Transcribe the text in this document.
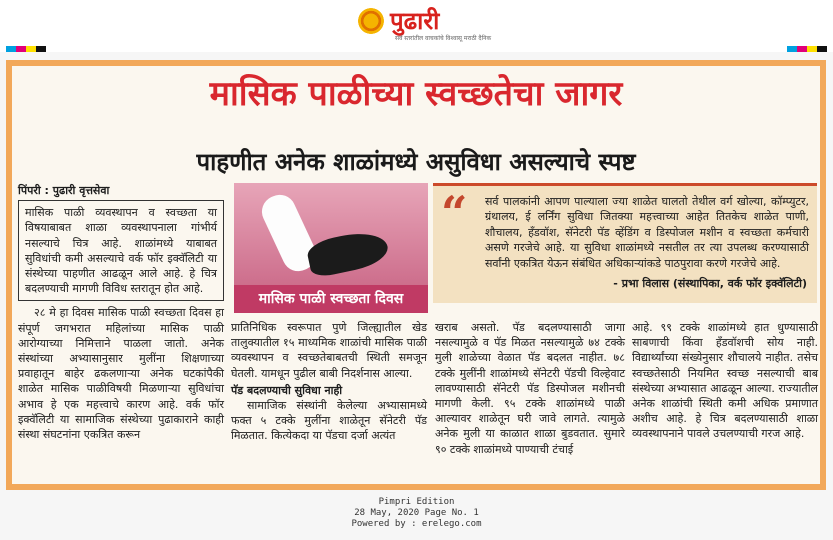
पुढारी
सर्व स्तरांतील वाचकांचे विश्वासू मराठी दैनिक
मासिक पाळीच्या स्वच्छतेचा जागर
पाहणीत अनेक शाळांमध्ये असुविधा असल्याचे स्पष्ट
पिंपरी : पुढारी वृत्तसेवा
मासिक पाळी व्यवस्थापन व स्वच्छता या विषयाबाबत शाळा व्यवस्थापनाला गांभीर्य नसल्याचे चित्र आहे. शाळांमध्ये याबाबत सुविधांची कमी असल्याचे वर्क फॉर इक्वॅलिटी या संस्थेच्या पाहणीत आढळून आले आहे. हे चित्र बदलण्याची मागणी विविध स्तरातून होत आहे.
२८ मे हा दिवस मासिक पाळी स्वच्छता दिवस हा संपूर्ण जगभरात महिलांच्या मासिक पाळी आरोग्याच्या निमित्ताने पाळला जातो. अनेक संस्थांच्या अभ्यासानुसार मुलींना शिक्षणाच्या प्रवाहातून बाहेर ढकलणाऱ्या अनेक घटकांपैकी शाळेत मासिक पाळीविषयी मिळणाऱ्या सुविधांचा अभाव हे एक महत्त्वाचे कारण आहे. वर्क फॉर इक्वॅलिटी या सामाजिक संस्थेच्या पुढाकाराने काही संस्था संघटनांना एकत्रित करून
मासिक पाळी स्वच्छता दिवस
“ सर्व पालकांनी आपण पाल्याला ज्या शाळेत घालतो तेथील वर्ग खोल्या, कॉम्प्युटर, ग्रंथालय, ई लर्निंग सुविधा जितक्या महत्त्वाच्या आहेत तितकेच शाळेत पाणी, शौचालय, हॅंडवॉश, सॅनेटरी पॅड व्हेंडिंग व डिस्पोजल मशीन व स्वच्छता कर्मचारी असणे गरजेचे आहे. या सुविधा शाळांमध्ये नसतील तर त्या उपलब्ध करण्यासाठी सर्वांनी एकत्रित येऊन संबंधित अधिकाऱ्यांकडे पाठपुरावा करणे गरजेचे आहे.
- प्रभा विलास (संस्थापिका, वर्क फॉर इक्वॅलिटी)
प्रातिनिधिक स्वरूपात पुणे जिल्ह्यातील खेड तालुक्यातील १५ माध्यमिक शाळांची मासिक पाळी व्यवस्थापन व स्वच्छतेबाबतची स्थिती समजून घेतली. यामधून पुढील बाबी निदर्शनास आल्या.
पॅड बदलण्याची सुविधा नाही
सामाजिक संस्थांनी केलेल्या अभ्यासामध्ये फक्त ५ टक्के मुलींना शाळेतून सॅनेटरी पॅड मिळतात. कित्येकदा या पॅडचा दर्जा अत्यंत
खराब असतो. पॅड बदलण्यासाठी जागा नसल्यामुळे व पॅड मिळत नसल्यामुळे ७४ टक्के मुली शाळेच्या वेळात पॅड बदलत नाहीत. ७८ टक्के मुलींनी शाळांमध्ये सॅनेटरी पॅडची विल्हेवाट लावण्यासाठी सॅनेटरी पॅड डिस्पोजल मशीनची मागणी केली. ९५ टक्के शाळांमध्ये पाळी आल्यावर शाळेतून घरी जावे लागते. त्यामुळे अनेक मुली या काळात शाळा बुडवतात. सुमारे ९० टक्के शाळांमध्ये पाण्याची टंचाई
आहे. ९९ टक्के शाळांमध्ये हात धुण्यासाठी साबणाची किंवा हॅंडवॉशची सोय नाही. विद्यार्थ्यांच्या संख्येनुसार शौचालये नाहीत. तसेच स्वच्छतेसाठी नियमित स्वच्छ नसल्याची बाब संस्थेच्या अभ्यासात आढळून आल्या. राज्यातील अनेक शाळांची स्थिती कमी अधिक प्रमाणात अशीच आहे. हे चित्र बदलण्यासाठी शाळा व्यवस्थापनाने पावले उचलण्याची गरज आहे.
Pimpri Edition
28 May, 2020 Page No. 1
Powered by : erelego.com
